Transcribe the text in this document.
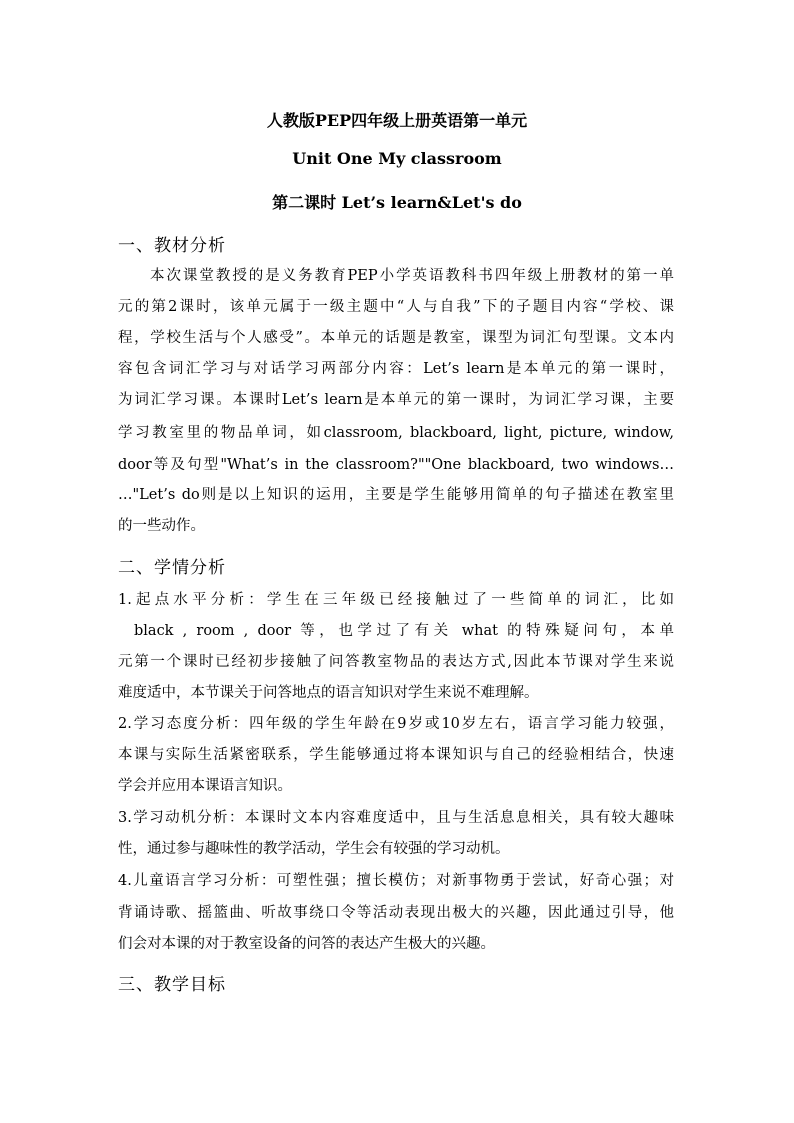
人教版PEP四年级上册英语第一单元
Unit One My classroom
第二课时 Let’s learn&Let's do
一、教材分析
本次课堂教授的是义务教育PEP小学英语教科书四年级上册教材的第一单
元的第2课时，该单元属于一级主题中“人与自我”下的子题目内容“学校、课
程，学校生活与个人感受”。本单元的话题是教室，课型为词汇句型课。文本内
容包含词汇学习与对话学习两部分内容：Let’s learn是本单元的第一课时，
为词汇学习课。本课时Let’s learn是本单元的第一课时，为词汇学习课，主要
学习教室里的物品单词，如classroom, blackboard, light, picture, window,
door等及句型"What’s in the classroom?""One blackboard, two windows…
…"Let’s do则是以上知识的运用，主要是学生能够用简单的句子描述在教室里
的一些动作。
二、学情分析
1.起点水平分析：学生在三年级已经接触过了一些简单的词汇，比如
black , room , door 等，也学过了有关 what 的特殊疑问句，本单
元第一个课时已经初步接触了问答教室物品的表达方式,因此本节课对学生来说
难度适中，本节课关于问答地点的语言知识对学生来说不难理解。
2.学习态度分析：四年级的学生年龄在9岁或10岁左右，语言学习能力较强，
本课与实际生活紧密联系，学生能够通过将本课知识与自己的经验相结合，快速
学会并应用本课语言知识。
3.学习动机分析：本课时文本内容难度适中，且与生活息息相关，具有较大趣味
性，通过参与趣味性的教学活动，学生会有较强的学习动机。
4.儿童语言学习分析：可塑性强；擅长模仿；对新事物勇于尝试，好奇心强；对
背诵诗歌、摇篮曲、听故事绕口令等活动表现出极大的兴趣，因此通过引导，他
们会对本课的对于教室设备的问答的表达产生极大的兴趣。
三、教学目标
